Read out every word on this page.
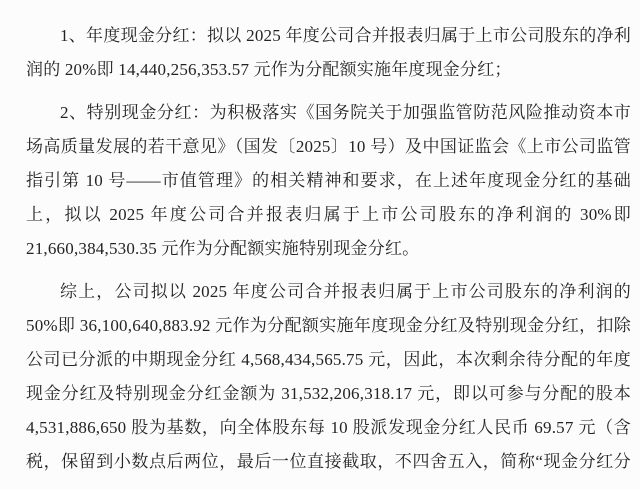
1、年度现金分红：拟以 2025 年度公司合并报表归属于上市公司股东的净利润的 20%即 14,440,256,353.57 元作为分配额实施年度现金分红；

2、特别现金分红：为积极落实《国务院关于加强监管防范风险推动资本市场高质量发展的若干意见》（国发〔2025〕10 号）及中国证监会《上市公司监管指引第 10 号——市值管理》的相关精神和要求，在上述年度现金分红的基础上，拟以 2025 年度公司合并报表归属于上市公司股东的净利润的 30%即 21,660,384,530.35 元作为分配额实施特别现金分红。

综上，公司拟以 2025 年度公司合并报表归属于上市公司股东的净利润的 50%即 36,100,640,883.92 元作为分配额实施年度现金分红及特别现金分红，扣除公司已分派的中期现金分红 4,568,434,565.75 元，因此，本次剩余待分配的年度现金分红及特别现金分红金额为 31,532,206,318.17 元，即以可参与分配的股本 4,531,886,650 股为基数，向全体股东每 10 股派发现金分红人民币 69.57 元（含税，保留到小数点后两位，最后一位直接截取，不四舍五入，简称“现金分红分
